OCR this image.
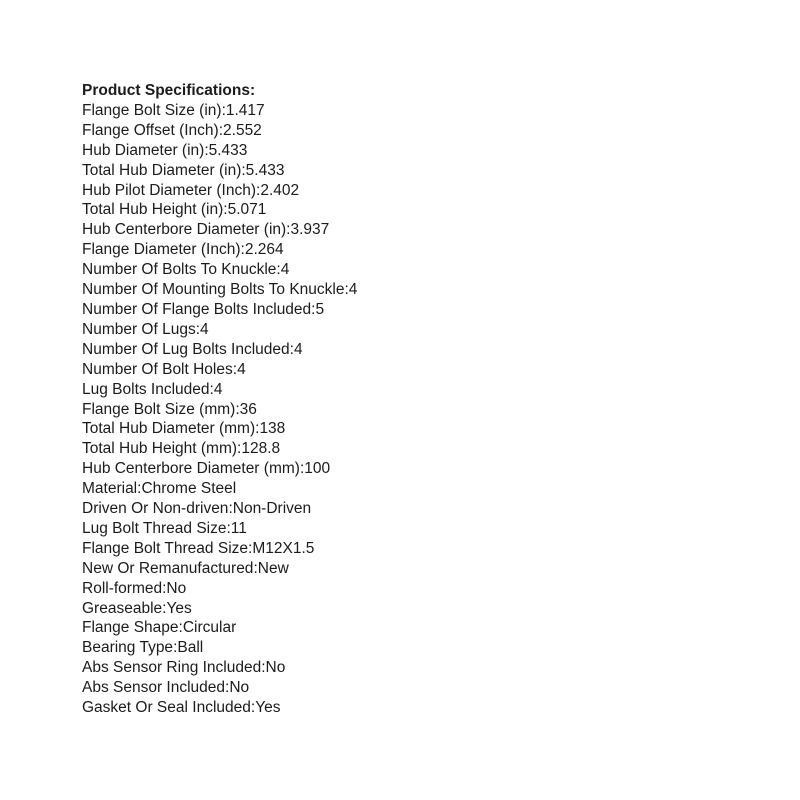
Product Specifications:
Flange Bolt Size (in):1.417
Flange Offset (Inch):2.552
Hub Diameter (in):5.433
Total Hub Diameter (in):5.433
Hub Pilot Diameter (Inch):2.402
Total Hub Height (in):5.071
Hub Centerbore Diameter (in):3.937
Flange Diameter (Inch):2.264
Number Of Bolts To Knuckle:4
Number Of Mounting Bolts To Knuckle:4
Number Of Flange Bolts Included:5
Number Of Lugs:4
Number Of Lug Bolts Included:4
Number Of Bolt Holes:4
Lug Bolts Included:4
Flange Bolt Size (mm):36
Total Hub Diameter (mm):138
Total Hub Height (mm):128.8
Hub Centerbore Diameter (mm):100
Material:Chrome Steel
Driven Or Non-driven:Non-Driven
Lug Bolt Thread Size:11
Flange Bolt Thread Size:M12X1.5
New Or Remanufactured:New
Roll-formed:No
Greaseable:Yes
Flange Shape:Circular
Bearing Type:Ball
Abs Sensor Ring Included:No
Abs Sensor Included:No
Gasket Or Seal Included:Yes
